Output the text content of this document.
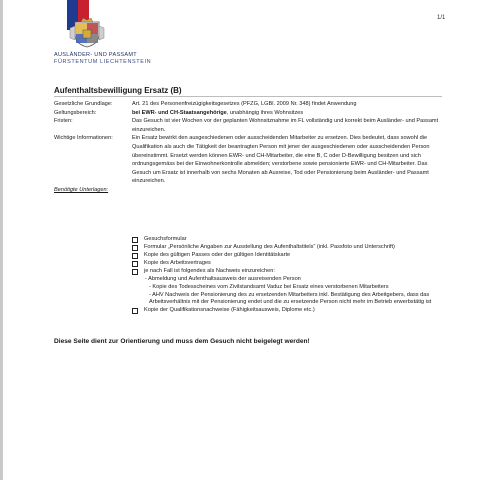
1/1
AUSLÄNDER- UND PASSAMT
FÜRSTENTUM LIECHTENSTEIN
Aufenthaltsbewilligung Ersatz (B)
Gesetzliche Grundlage:	Art. 21 des Personenfreizügigkeitsgesetzes (PFZG, LGBl. 2009 Nr. 348) findet Anwendung
Geltungsbereich:	bei EWR- und CH-Staatsangehörige, unabhängig ihres Wohnsitzes
Fristen:	Das Gesuch ist vier Wochen vor der geplanten Wohnsitznahme im FL vollständig und korrekt beim Ausländer- und Passamt einzureichen.
Wichtige Informationen:	Ein Ersatz bewirkt den ausgeschiedenen oder ausscheidenden Mitarbeiter zu ersetzen. Dies bedeutet, dass sowohl die Qualifikation als auch die Tätigkeit der beantragten Person mit jener der ausgeschiedenen oder ausscheidenden Person übereinstimmt. Ersetzt werden können EWR- und CH-Mitarbeiter, die eine B, C oder D-Bewilligung besitzen und sich ordnungsgemäss bei der Einwohnerkontrolle abmelden; verstorbene sowie pensionierte EWR- und CH-Mitarbeiter. Das Gesuch um Ersatz ist innerhalb von sechs Monaten ab Ausreise, Tod oder Pensionierung beim Ausländer- und Passamt einzureichen.
Benötigte Unterlagen:
Gesuchsformular
Formular „Persönliche Angaben zur Ausstellung des Aufenthaltstitels“ (inkl. Passfoto und Unterschrift)
Kopie des gültigen Passes oder der gültigen Identitätskarte
Kopie des Arbeitsvertrages
je nach Fall ist folgendes als Nachweis einzureichen:
- Abmeldung und Aufenthaltsausweis der ausreisenden Person
- Kopie des Todesscheines vom Zivilstandsamt Vaduz bei Ersatz eines verstorbenen Mitarbeiters
- AHV Nachweis der Pensionierung des zu ersetzenden Mitarbeiters inkl. Bestätigung des Arbeitgebers, dass das Arbeitsverhältnis mit der Pensionierung endet und die zu ersetzende Person nicht mehr im Betrieb erwerbstätig ist
Kopie der Qualifikationsnachweise (Fähigkeitsausweis, Diplome etc.)
Diese Seite dient zur Orientierung und muss dem Gesuch nicht beigelegt werden!
